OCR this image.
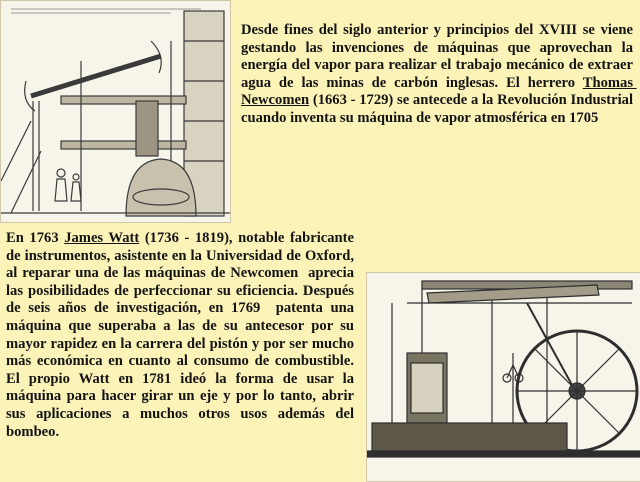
Desde fines del siglo anterior y principios del XVIII se viene gestando las invenciones de máquinas que aprovechan la energía del vapor para realizar el trabajo mecánico de extraer agua de las minas de carbón inglesas. El herrero Thomas Newcomen (1663 - 1729) se antecede a la Revolución Industrial cuando inventa su máquina de vapor atmosférica en 1705

En 1763 James Watt (1736 - 1819), notable fabricante de instrumentos, asistente en la Universidad de Oxford,  al reparar una de las máquinas de Newcomen  aprecia las posibilidades de perfeccionar su eficiencia. Después de seis años de investigación, en 1769  patenta una máquina que superaba a las de su antecesor por su mayor rapidez en la carrera del pistón y por ser mucho más económica en cuanto al consumo de combustible.  El propio Watt en 1781 ideó la forma de usar la máquina para hacer girar un eje y por lo tanto, abrir sus aplicaciones a muchos otros usos además del bombeo.
